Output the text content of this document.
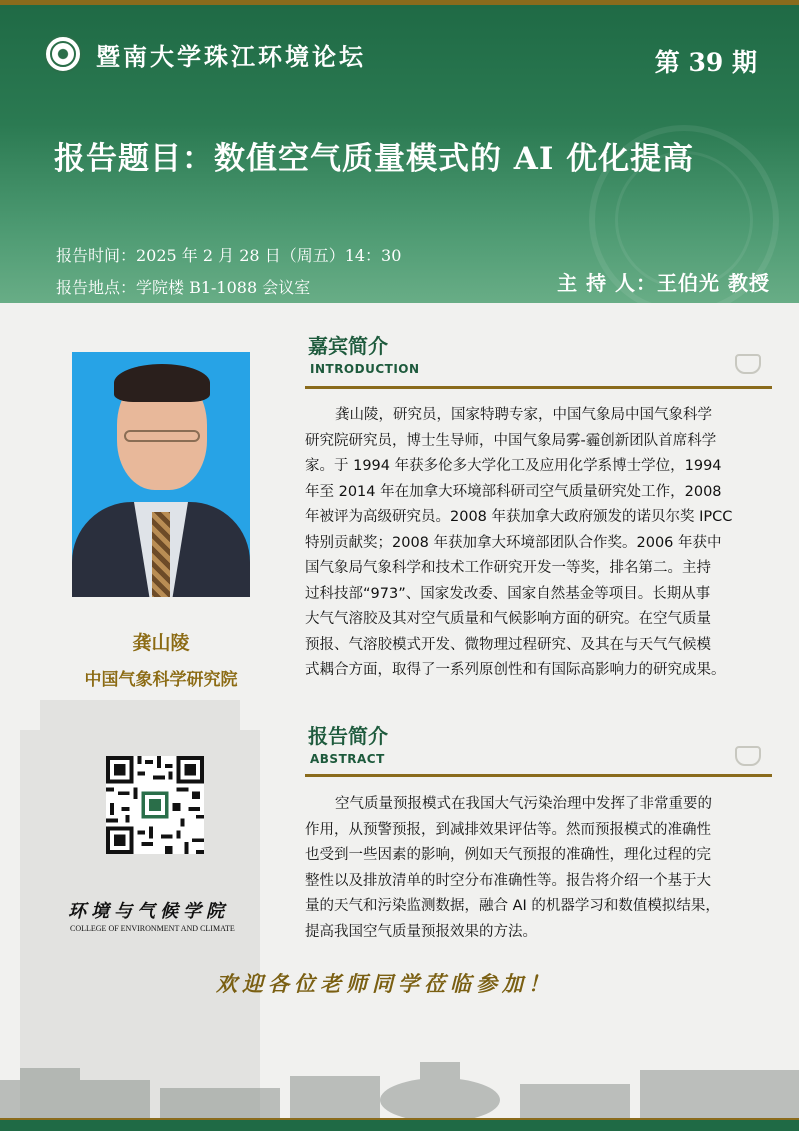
暨南大学珠江环境论坛	第 39 期
报告题目：数值空气质量模式的 AI 优化提高
报告时间：2025 年 2 月 28 日（周五）14：30
报告地点：学院楼 B1-1088 会议室	主 持 人：王伯光 教授
龚山陵
中国气象科学研究院
嘉宾简介
INTRODUCTION
龚山陵，研究员，国家特聘专家，中国气象局中国气象科学
研究院研究员，博士生导师，中国气象局雾-霾创新团队首席科学
家。于 1994 年获多伦多大学化工及应用化学系博士学位，1994
年至 2014 年在加拿大环境部科研司空气质量研究处工作，2008
年被评为高级研究员。2008 年获加拿大政府颁发的诺贝尔奖 IPCC
特别贡献奖；2008 年获加拿大环境部团队合作奖。2006 年获中
国气象局气象科学和技术工作研究开发一等奖，排名第二。主持
过科技部“973”、国家发改委、国家自然基金等项目。长期从事
大气气溶胶及其对空气质量和气候影响方面的研究。在空气质量
预报、气溶胶模式开发、微物理过程研究、及其在与天气气候模
式耦合方面，取得了一系列原创性和有国际高影响力的研究成果。
报告简介
ABSTRACT
空气质量预报模式在我国大气污染治理中发挥了非常重要的
作用，从预警预报，到减排效果评估等。然而预报模式的准确性
也受到一些因素的影响，例如天气预报的准确性，理化过程的完
整性以及排放清单的时空分布准确性等。报告将介绍一个基于大
量的天气和污染监测数据，融合 AI 的机器学习和数值模拟结果，
提高我国空气质量预报效果的方法。
环境与气候学院
COLLEGE OF ENVIRONMENT AND CLIMATE
欢迎各位老师同学莅临参加！
